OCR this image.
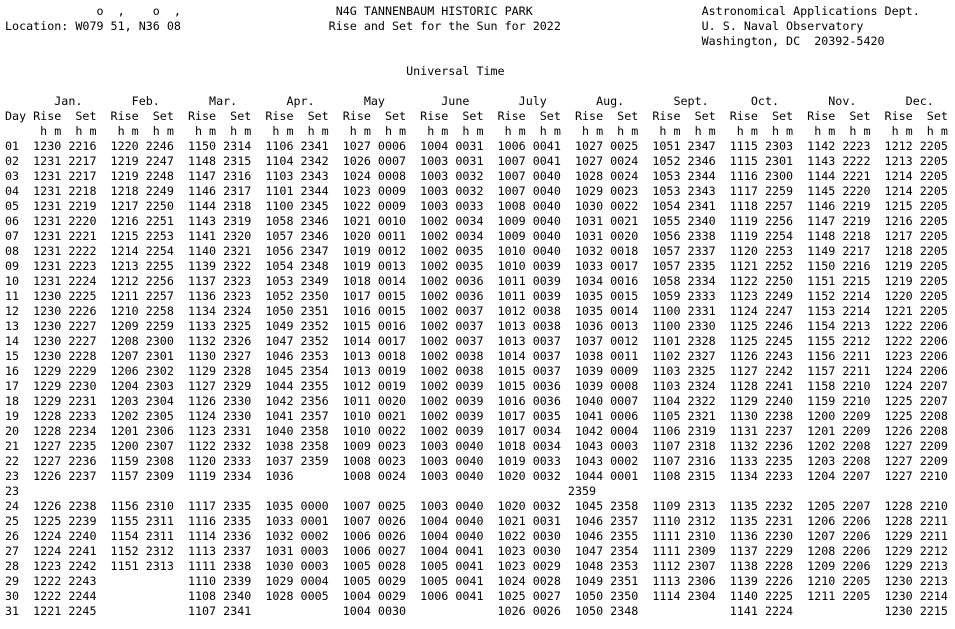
o  ,    o  ,                      N4G TANNENBAUM HISTORIC PARK                        Astronomical Applications Dept.
Location: W079 51, N36 08                     Rise and Set for the Sun for 2022                    U. S. Naval Observatory
Washington, DC  20392-5420

Universal Time

Jan.       Feb.       Mar.       Apr.       May        June       July       Aug.       Sept.      Oct.       Nov.       Dec.
Day Rise  Set  Rise  Set  Rise  Set  Rise  Set  Rise  Set  Rise  Set  Rise  Set  Rise  Set  Rise  Set  Rise  Set  Rise  Set  Rise  Set
h m  h m   h m  h m   h m  h m   h m  h m   h m  h m   h m  h m   h m  h m   h m  h m   h m  h m   h m  h m   h m  h m   h m  h m
01  1230 2216  1220 2246  1150 2314  1106 2341  1027 0006  1004 0031  1006 0041  1027 0025  1051 2347  1115 2303  1142 2223  1212 2205
02  1231 2217  1219 2247  1148 2315  1104 2342  1026 0007  1003 0031  1007 0041  1027 0024  1052 2346  1115 2301  1143 2222  1213 2205
03  1231 2217  1219 2248  1147 2316  1103 2343  1024 0008  1003 0032  1007 0040  1028 0024  1053 2344  1116 2300  1144 2221  1214 2205
04  1231 2218  1218 2249  1146 2317  1101 2344  1023 0009  1003 0032  1007 0040  1029 0023  1053 2343  1117 2259  1145 2220  1214 2205
05  1231 2219  1217 2250  1144 2318  1100 2345  1022 0009  1003 0033  1008 0040  1030 0022  1054 2341  1118 2257  1146 2219  1215 2205
06  1231 2220  1216 2251  1143 2319  1058 2346  1021 0010  1002 0034  1009 0040  1031 0021  1055 2340  1119 2256  1147 2219  1216 2205
07  1231 2221  1215 2253  1141 2320  1057 2346  1020 0011  1002 0034  1009 0040  1031 0020  1056 2338  1119 2254  1148 2218  1217 2205
08  1231 2222  1214 2254  1140 2321  1056 2347  1019 0012  1002 0035  1010 0040  1032 0018  1057 2337  1120 2253  1149 2217  1218 2205
09  1231 2223  1213 2255  1139 2322  1054 2348  1019 0013  1002 0035  1010 0039  1033 0017  1057 2335  1121 2252  1150 2216  1219 2205
10  1231 2224  1212 2256  1137 2323  1053 2349  1018 0014  1002 0036  1011 0039  1034 0016  1058 2334  1122 2250  1151 2215  1219 2205
11  1230 2225  1211 2257  1136 2323  1052 2350  1017 0015  1002 0036  1011 0039  1035 0015  1059 2333  1123 2249  1152 2214  1220 2205
12  1230 2226  1210 2258  1134 2324  1050 2351  1016 0015  1002 0037  1012 0038  1035 0014  1100 2331  1124 2247  1153 2214  1221 2205
13  1230 2227  1209 2259  1133 2325  1049 2352  1015 0016  1002 0037  1013 0038  1036 0013  1100 2330  1125 2246  1154 2213  1222 2206
14  1230 2227  1208 2300  1132 2326  1047 2352  1014 0017  1002 0037  1013 0037  1037 0012  1101 2328  1125 2245  1155 2212  1222 2206
15  1230 2228  1207 2301  1130 2327  1046 2353  1013 0018  1002 0038  1014 0037  1038 0011  1102 2327  1126 2243  1156 2211  1223 2206
16  1229 2229  1206 2302  1129 2328  1045 2354  1013 0019  1002 0038  1015 0037  1039 0009  1103 2325  1127 2242  1157 2211  1224 2206
17  1229 2230  1204 2303  1127 2329  1044 2355  1012 0019  1002 0039  1015 0036  1039 0008  1103 2324  1128 2241  1158 2210  1224 2207
18  1229 2231  1203 2304  1126 2330  1042 2356  1011 0020  1002 0039  1016 0036  1040 0007  1104 2322  1129 2240  1159 2210  1225 2207
19  1228 2233  1202 2305  1124 2330  1041 2357  1010 0021  1002 0039  1017 0035  1041 0006  1105 2321  1130 2238  1200 2209  1225 2208
20  1228 2234  1201 2306  1123 2331  1040 2358  1010 0022  1002 0039  1017 0034  1042 0004  1106 2319  1131 2237  1201 2209  1226 2208
21  1227 2235  1200 2307  1122 2332  1038 2358  1009 0023  1003 0040  1018 0034  1043 0003  1107 2318  1132 2236  1202 2208  1227 2209
22  1227 2236  1159 2308  1120 2333  1037 2359  1008 0023  1003 0040  1019 0033  1043 0002  1107 2316  1133 2235  1203 2208  1227 2209
23  1226 2237  1157 2309  1119 2334  1036       1008 0024  1003 0040  1020 0032  1044 0001  1108 2315  1134 2233  1204 2207  1227 2210
23                                                                              2359
24  1226 2238  1156 2310  1117 2335  1035 0000  1007 0025  1003 0040  1020 0032  1045 2358  1109 2313  1135 2232  1205 2207  1228 2210
25  1225 2239  1155 2311  1116 2335  1033 0001  1007 0026  1004 0040  1021 0031  1046 2357  1110 2312  1135 2231  1206 2206  1228 2211
26  1224 2240  1154 2311  1114 2336  1032 0002  1006 0026  1004 0040  1022 0030  1046 2355  1111 2310  1136 2230  1207 2206  1229 2211
27  1224 2241  1152 2312  1113 2337  1031 0003  1006 0027  1004 0041  1023 0030  1047 2354  1111 2309  1137 2229  1208 2206  1229 2212
28  1223 2242  1151 2313  1111 2338  1030 0003  1005 0028  1005 0041  1023 0029  1048 2353  1112 2307  1138 2228  1209 2206  1229 2213
29  1222 2243             1110 2339  1029 0004  1005 0029  1005 0041  1024 0028  1049 2351  1113 2306  1139 2226  1210 2205  1230 2213
30  1222 2244             1108 2340  1028 0005  1004 0029  1006 0041  1025 0027  1050 2350  1114 2304  1140 2225  1211 2205  1230 2214
31  1221 2245             1107 2341             1004 0030             1026 0026  1050 2348             1141 2224             1230 2215
